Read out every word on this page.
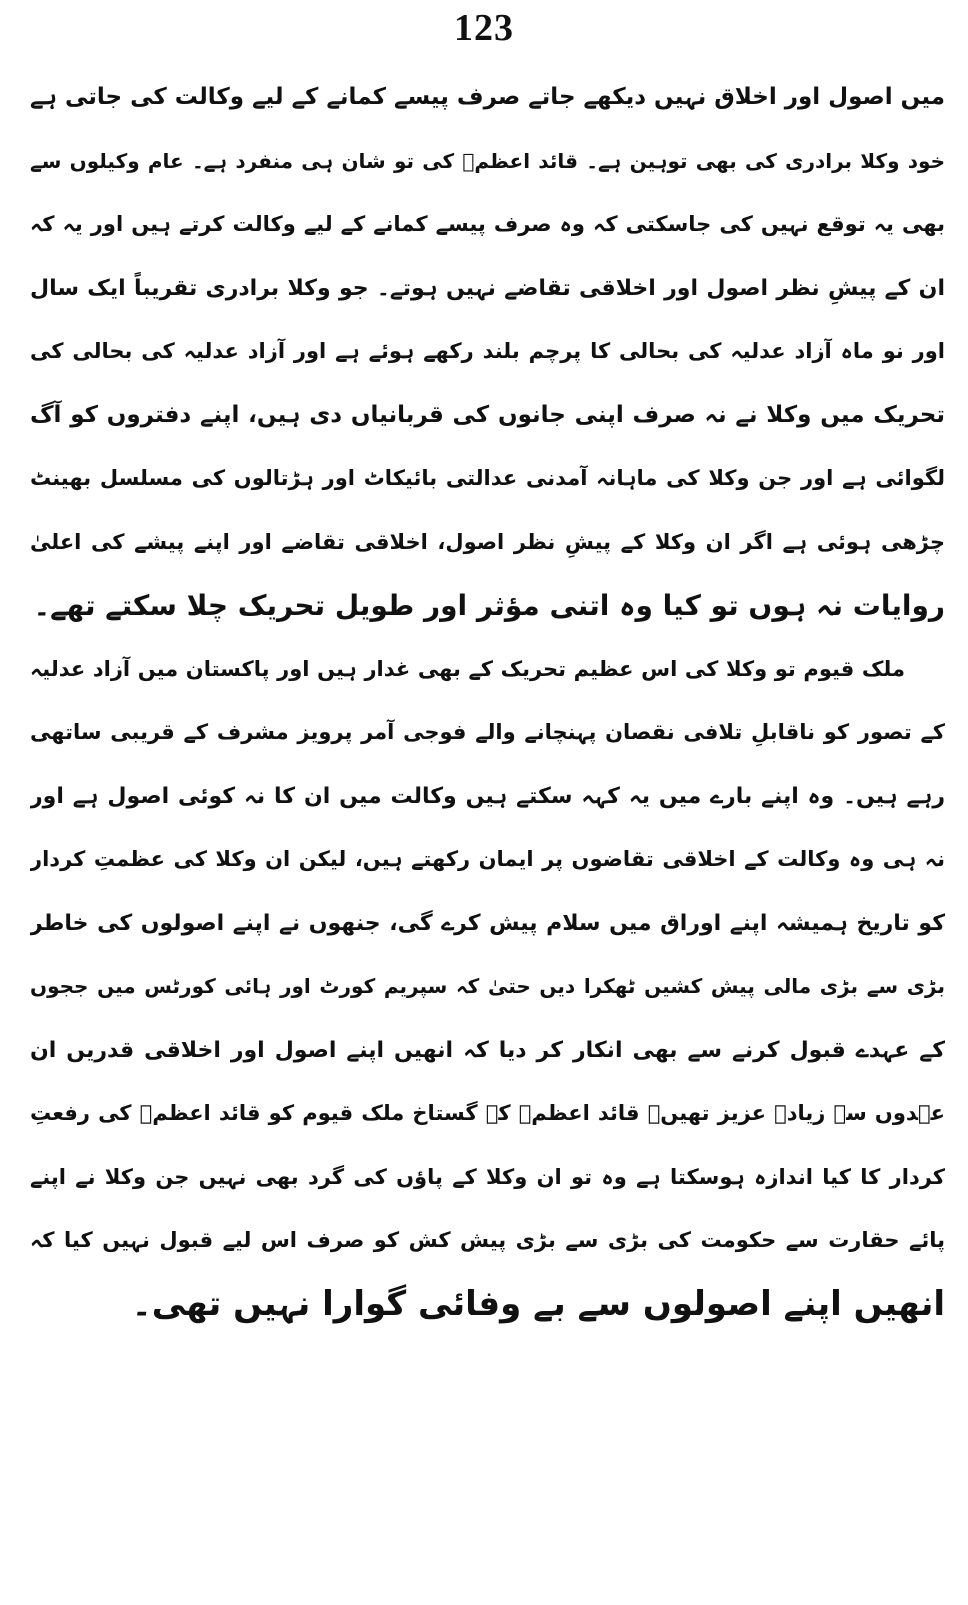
123
میں اصول اور اخلاق نہیں دیکھے جاتے صرف پیسے کمانے کے لیے وکالت کی جاتی ہے
خود وکلا برادری کی بھی توہین ہے۔ قائد اعظمؒ کی تو شان ہی منفرد ہے۔ عام وکیلوں سے
بھی یہ توقع نہیں کی جاسکتی کہ وہ صرف پیسے کمانے کے لیے وکالت کرتے ہیں اور یہ کہ
ان کے پیشِ نظر اصول اور اخلاقی تقاضے نہیں ہوتے۔ جو وکلا برادری تقریباً ایک سال
اور نو ماہ آزاد عدلیہ کی بحالی کا پرچم بلند رکھے ہوئے ہے اور آزاد عدلیہ کی بحالی کی
تحریک میں وکلا نے نہ صرف اپنی جانوں کی قربانیاں دی ہیں، اپنے دفتروں کو آگ
لگوائی ہے اور جن وکلا کی ماہانہ آمدنی عدالتی بائیکاٹ اور ہڑتالوں کی مسلسل بھینٹ
چڑھی ہوئی ہے اگر ان وکلا کے پیشِ نظر اصول، اخلاقی تقاضے اور اپنے پیشے کی اعلیٰ
روایات نہ ہوں تو کیا وہ اتنی مؤثر اور طویل تحریک چلا سکتے تھے۔
ملک قیوم تو وکلا کی اس عظیم تحریک کے بھی غدار ہیں اور پاکستان میں آزاد عدلیہ
کے تصور کو ناقابلِ تلافی نقصان پہنچانے والے فوجی آمر پرویز مشرف کے قریبی ساتھی
رہے ہیں۔ وہ اپنے بارے میں یہ کہہ سکتے ہیں وکالت میں ان کا نہ کوئی اصول ہے اور
نہ ہی وہ وکالت کے اخلاقی تقاضوں پر ایمان رکھتے ہیں، لیکن ان وکلا کی عظمتِ کردار
کو تاریخ ہمیشہ اپنے اوراق میں سلام پیش کرے گی، جنھوں نے اپنے اصولوں کی خاطر
بڑی سے بڑی مالی پیش کشیں ٹھکرا دیں حتیٰ کہ سپریم کورٹ اور ہائی کورٹس میں ججوں
کے عہدے قبول کرنے سے بھی انکار کر دیا کہ انھیں اپنے اصول اور اخلاقی قدریں ان
عہدوں سے زیادہ عزیز تھیں۔ قائد اعظمؒ کے گستاخ ملک قیوم کو قائد اعظمؒ کی رفعتِ
کردار کا کیا اندازہ ہوسکتا ہے وہ تو ان وکلا کے پاؤں کی گرد بھی نہیں جن وکلا نے اپنے
پائے حقارت سے حکومت کی بڑی سے بڑی پیش کش کو صرف اس لیے قبول نہیں کیا کہ
انھیں اپنے اصولوں سے بے وفائی گوارا نہیں تھی۔
